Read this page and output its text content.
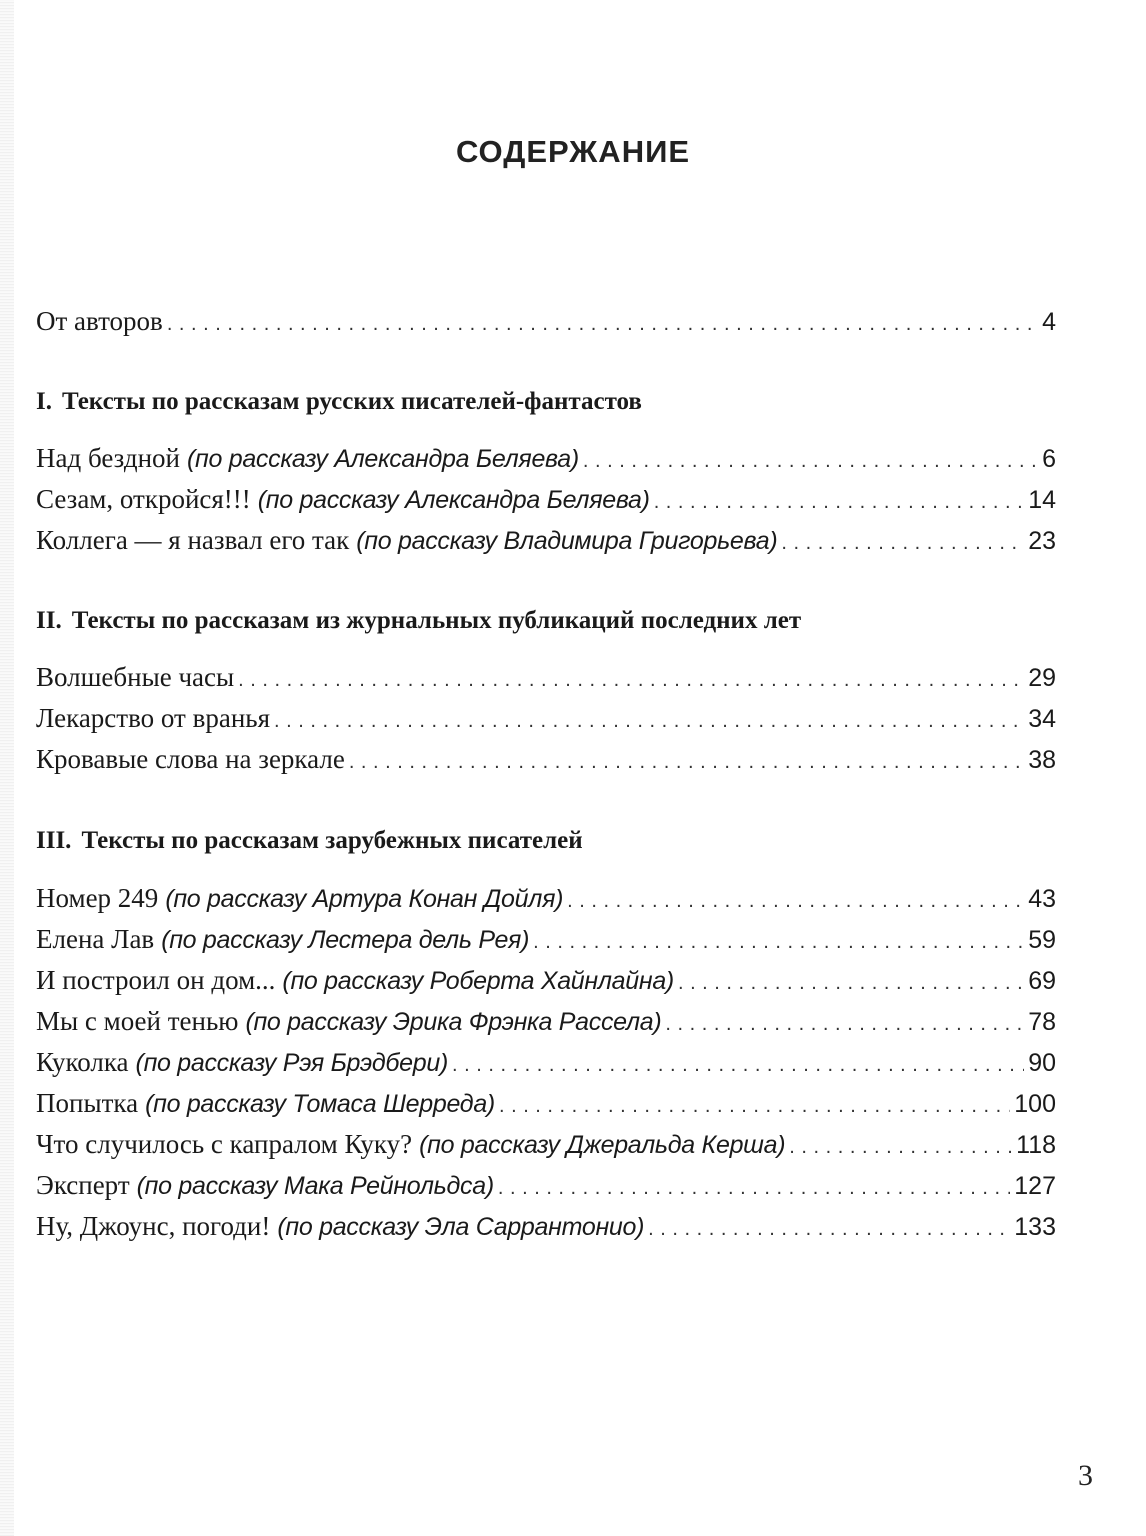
СОДЕРЖАНИЕ
От авторов . . .	4
I. Тексты по рассказам русских писателей-фантастов
Над бездной (по рассказу Александра Беляева) . . .	6
Сезам, откройся!!! (по рассказу Александра Беляева) . . .	14
Коллега — я назвал его так (по рассказу Владимира Григорьева) . . .	23
II. Тексты по рассказам из журнальных публикаций последних лет
Волшебные часы . . .	29
Лекарство от вранья . . .	34
Кровавые слова на зеркале . . .	38
III. Тексты по рассказам зарубежных писателей
Номер 249 (по рассказу Артура Конан Дойля) . . .	43
Елена Лав (по рассказу Лестера дель Рея) . . .	59
И построил он дом... (по рассказу Роберта Хайнлайна) . . .	69
Мы с моей тенью (по рассказу Эрика Фрэнка Рассела) . . .	78
Куколка (по рассказу Рэя Брэдбери) . . .	90
Попытка (по рассказу Томаса Шерреда) . . .	100
Что случилось с капралом Куку? (по рассказу Джеральда Керша) . . .	118
Эксперт (по рассказу Мака Рейнольдса) . . .	127
Ну, Джоунс, погоди! (по рассказу Эла Саррантонио) . . .	133
3
